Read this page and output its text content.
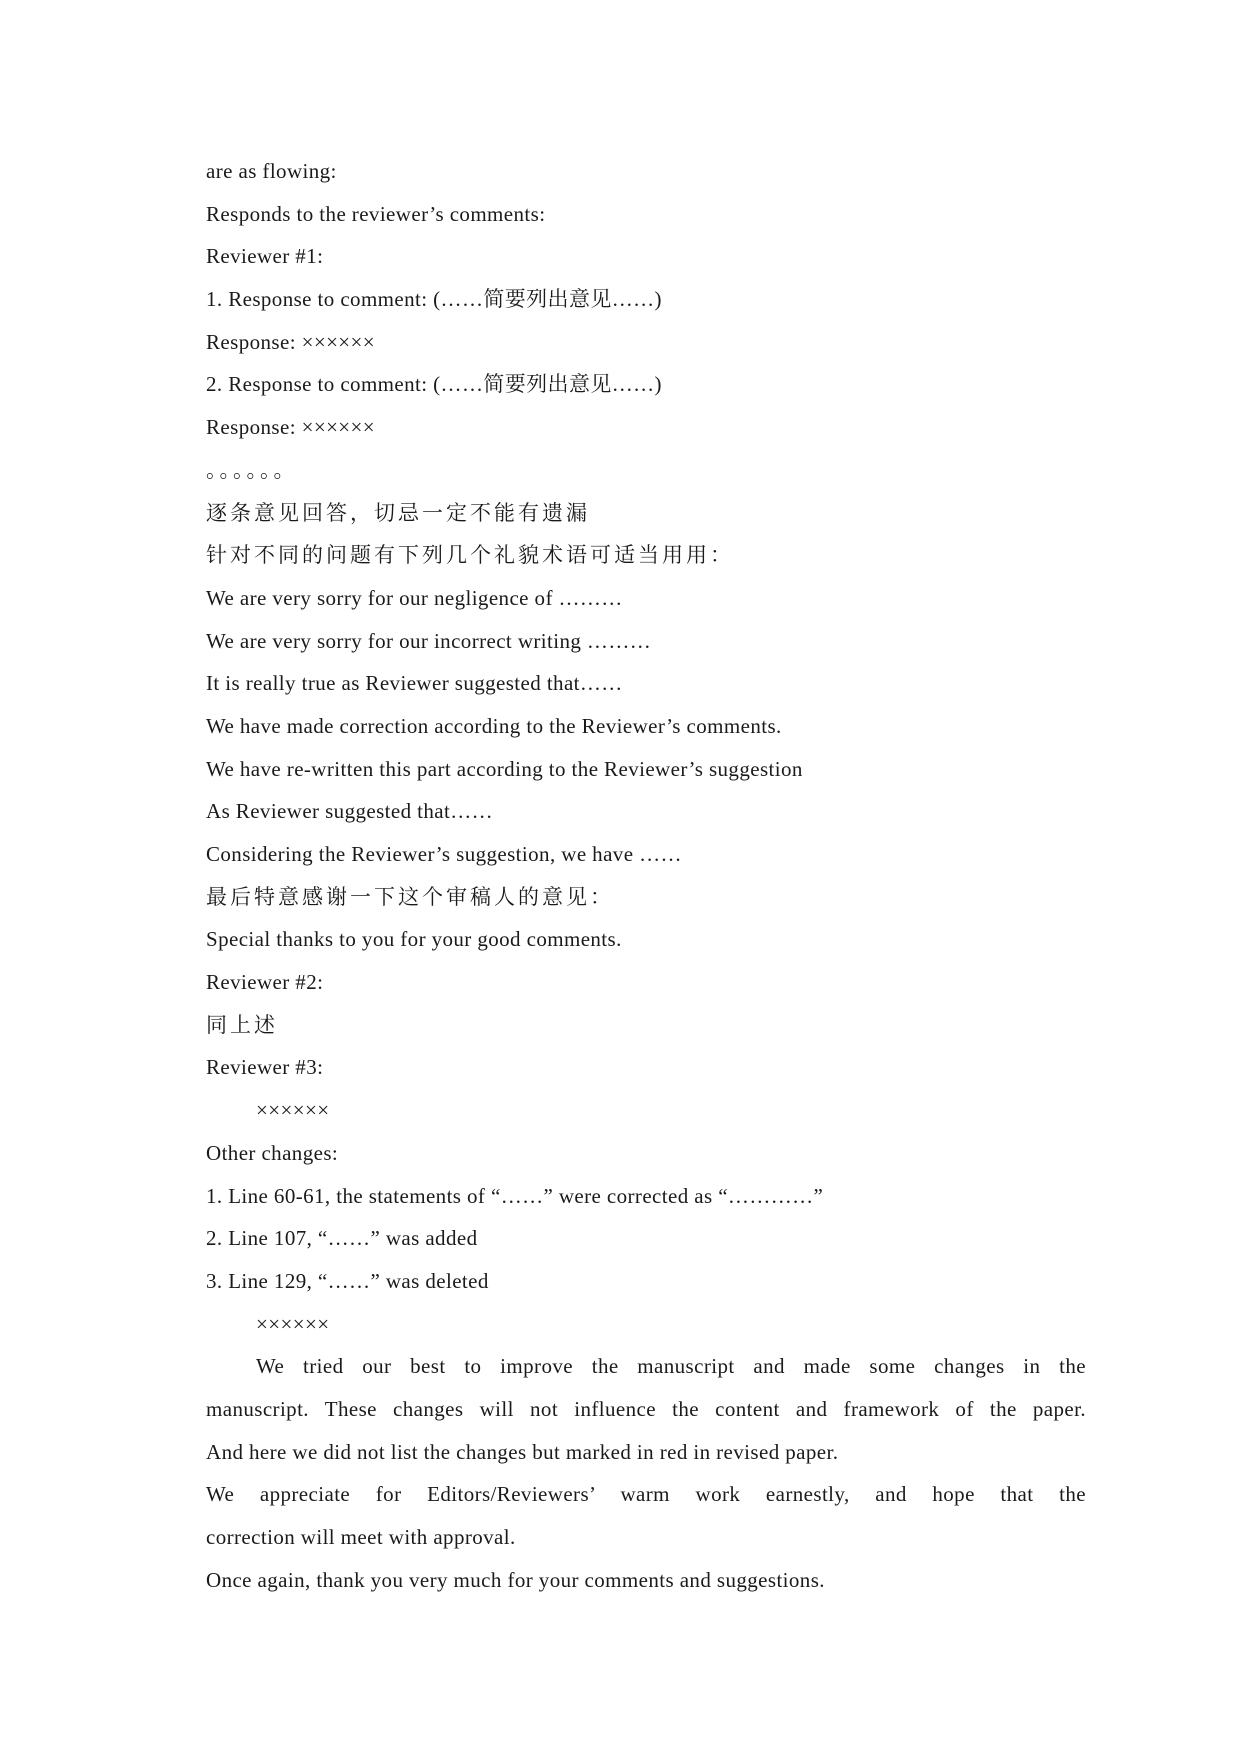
are as flowing:
Responds to the reviewer’s comments:
Reviewer #1:
1. Response to comment: (……简要列出意见……)
Response: ××××××
2. Response to comment: (……简要列出意见……)
Response: ××××××
。。。。。。
逐条意见回答，切忌一定不能有遗漏
针对不同的问题有下列几个礼貌术语可适当用用：
We are very sorry for our negligence of ………
We are very sorry for our incorrect writing ………
It is really true as Reviewer suggested that……
We have made correction according to the Reviewer’s comments.
We have re-written this part according to the Reviewer’s suggestion
As Reviewer suggested that……
Considering the Reviewer’s suggestion, we have ……
最后特意感谢一下这个审稿人的意见：
Special thanks to you for your good comments.
Reviewer #2:
同上述
Reviewer #3:
××××××
Other changes:
1. Line 60-61, the statements of “……” were corrected as “…………”
2. Line 107, “……” was added
3. Line 129, “……” was deleted
××××××
We tried our best to improve the manuscript and made some changes in the
manuscript. These changes will not influence the content and framework of the paper.
And here we did not list the changes but marked in red in revised paper.
We appreciate for Editors/Reviewers’ warm work earnestly, and hope that the
correction will meet with approval.
Once again, thank you very much for your comments and suggestions.
